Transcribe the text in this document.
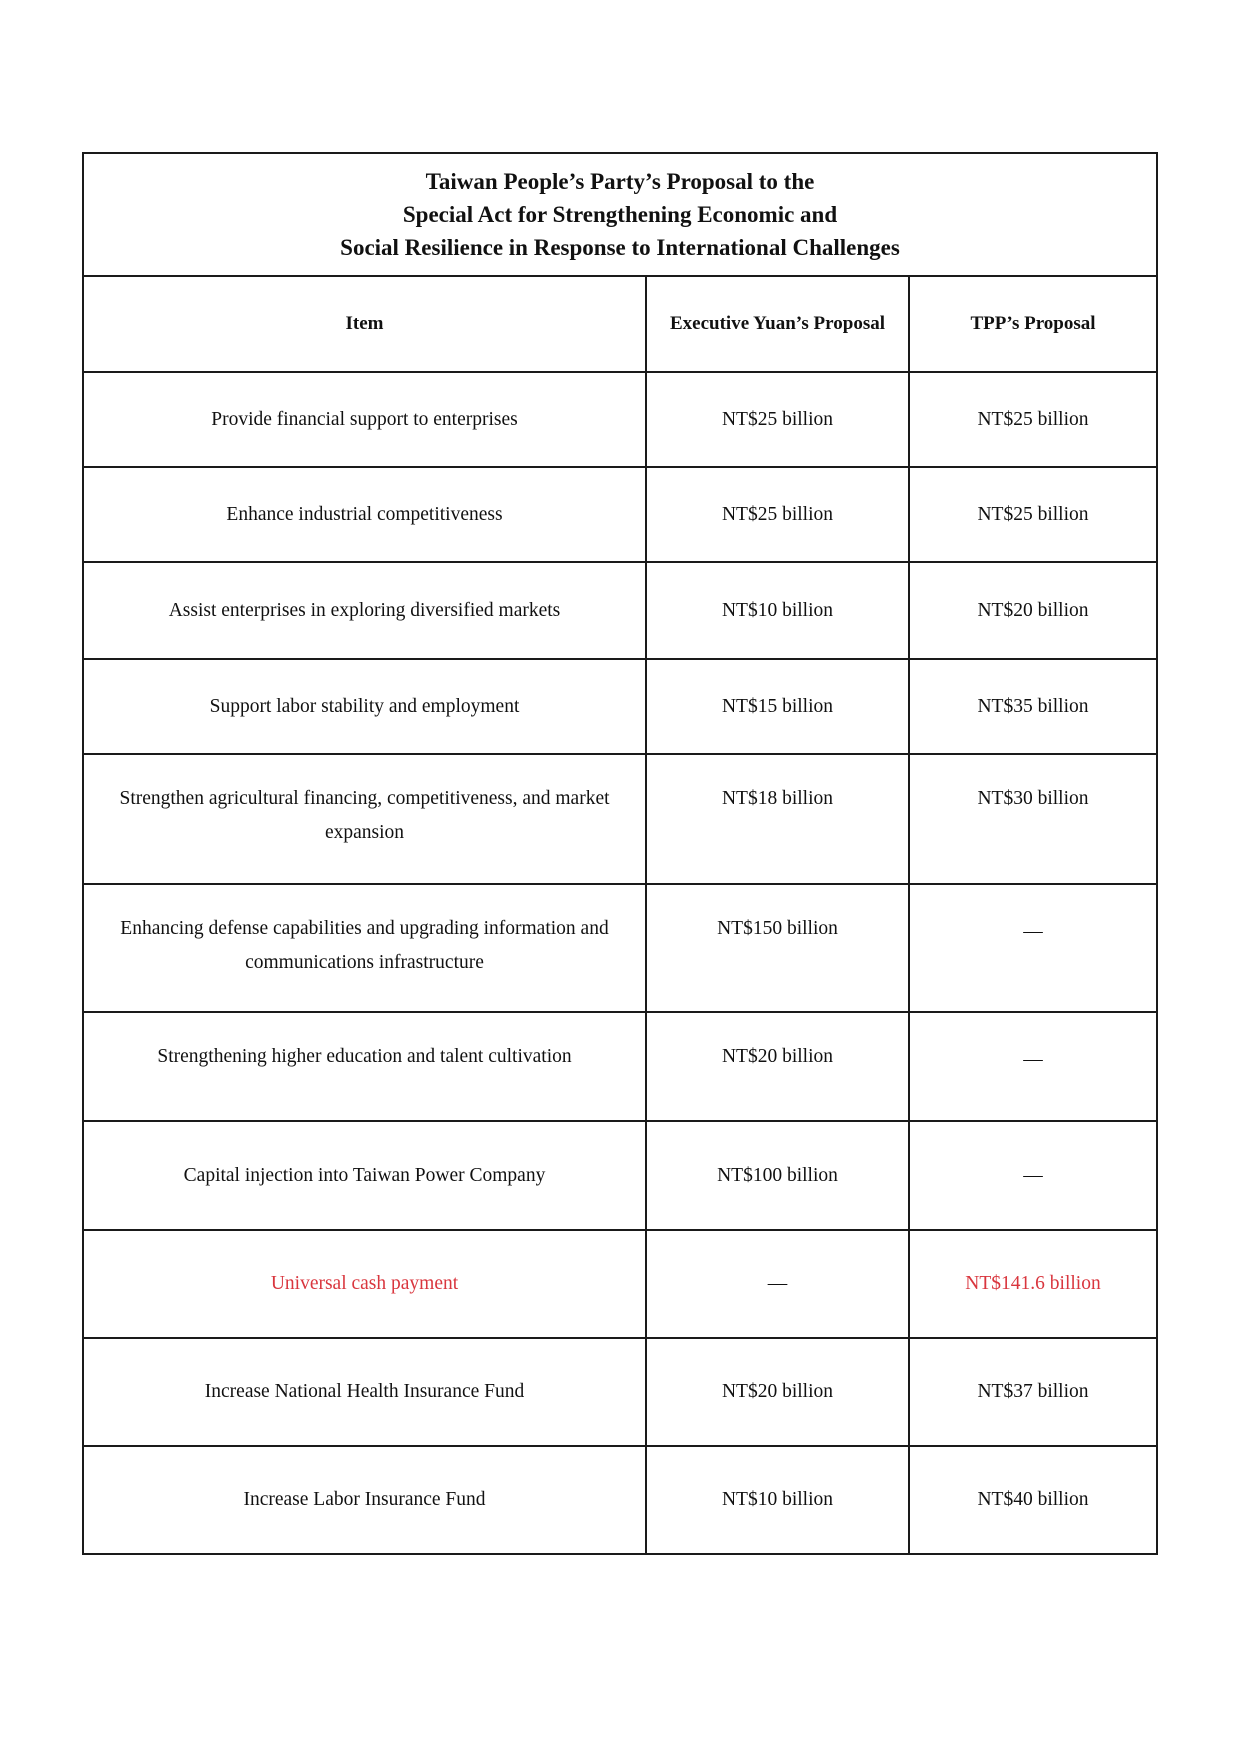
Taiwan People’s Party’s Proposal to the
Special Act for Strengthening Economic and
Social Resilience in Response to International Challenges		

Item	Executive Yuan’s Proposal	TPP’s Proposal
Provide financial support to enterprises	NT$25 billion	NT$25 billion
Enhance industrial competitiveness	NT$25 billion	NT$25 billion
Assist enterprises in exploring diversified markets	NT$10 billion	NT$20 billion
Support labor stability and employment	NT$15 billion	NT$35 billion
Strengthen agricultural financing, competitiveness, and market expansion	NT$18 billion	NT$30 billion
Enhancing defense capabilities and upgrading information and communications infrastructure	NT$150 billion	—
Strengthening higher education and talent cultivation	NT$20 billion	—
Capital injection into Taiwan Power Company	NT$100 billion	—
Universal cash payment	—	NT$141.6 billion
Increase National Health Insurance Fund	NT$20 billion	NT$37 billion
Increase Labor Insurance Fund	NT$10 billion	NT$40 billion
